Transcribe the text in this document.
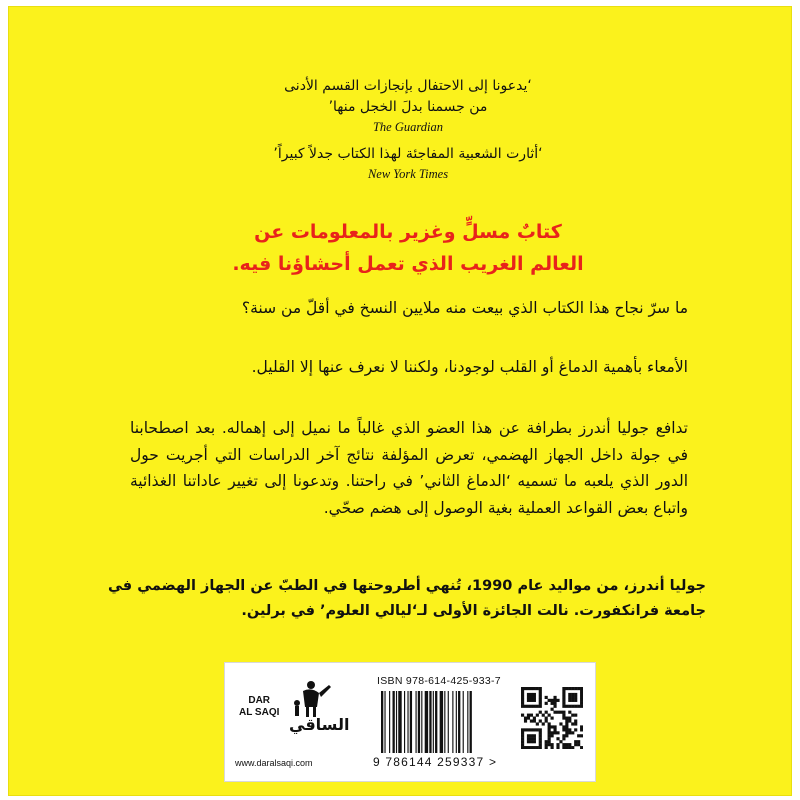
‘يدعونا إلى الاحتفال بإنجازات القسم الأدنى
من جسمنا بدلَ الخجل منها’
The Guardian
‘أثارت الشعبية المفاجئة لهذا الكتاب جدلاً كبيراً’
New York Times
كتابٌ مسلٍّ وغزير بالمعلومات عن
العالم الغريب الذي تعمل أحشاؤنا فيه.

ما سرّ نجاح هذا الكتاب الذي بيعت منه ملايين النسخ في أقلّ من سنة؟

الأمعاء بأهمية الدماغ أو القلب لوجودنا، ولكننا لا نعرف عنها إلا القليل.

تدافع جوليا أندرز بطرافة عن هذا العضو الذي غالباً ما نميل إلى إهماله. بعد اصطحابنا في جولة داخل الجهاز الهضمي، تعرض المؤلفة نتائج آخر الدراسات التي أجريت حول الدور الذي يلعبه ما تسميه ‘الدماغ الثاني’ في راحتنا. وتدعونا إلى تغيير عاداتنا الغذائية واتباع بعض القواعد العملية بغية الوصول إلى هضم صحّي.

جوليا أندرز، من مواليد عام 1990، تُنهي أطروحتها في الطبّ عن الجهاز الهضمي في جامعة فرانكفورت. نالت الجائزة الأولى لـ‘ليالي العلوم’ في برلين.
DAR
AL SAQI
الساقي
www.daralsaqi.com
ISBN 978-614-425-933-7
9 786144 259337 >
